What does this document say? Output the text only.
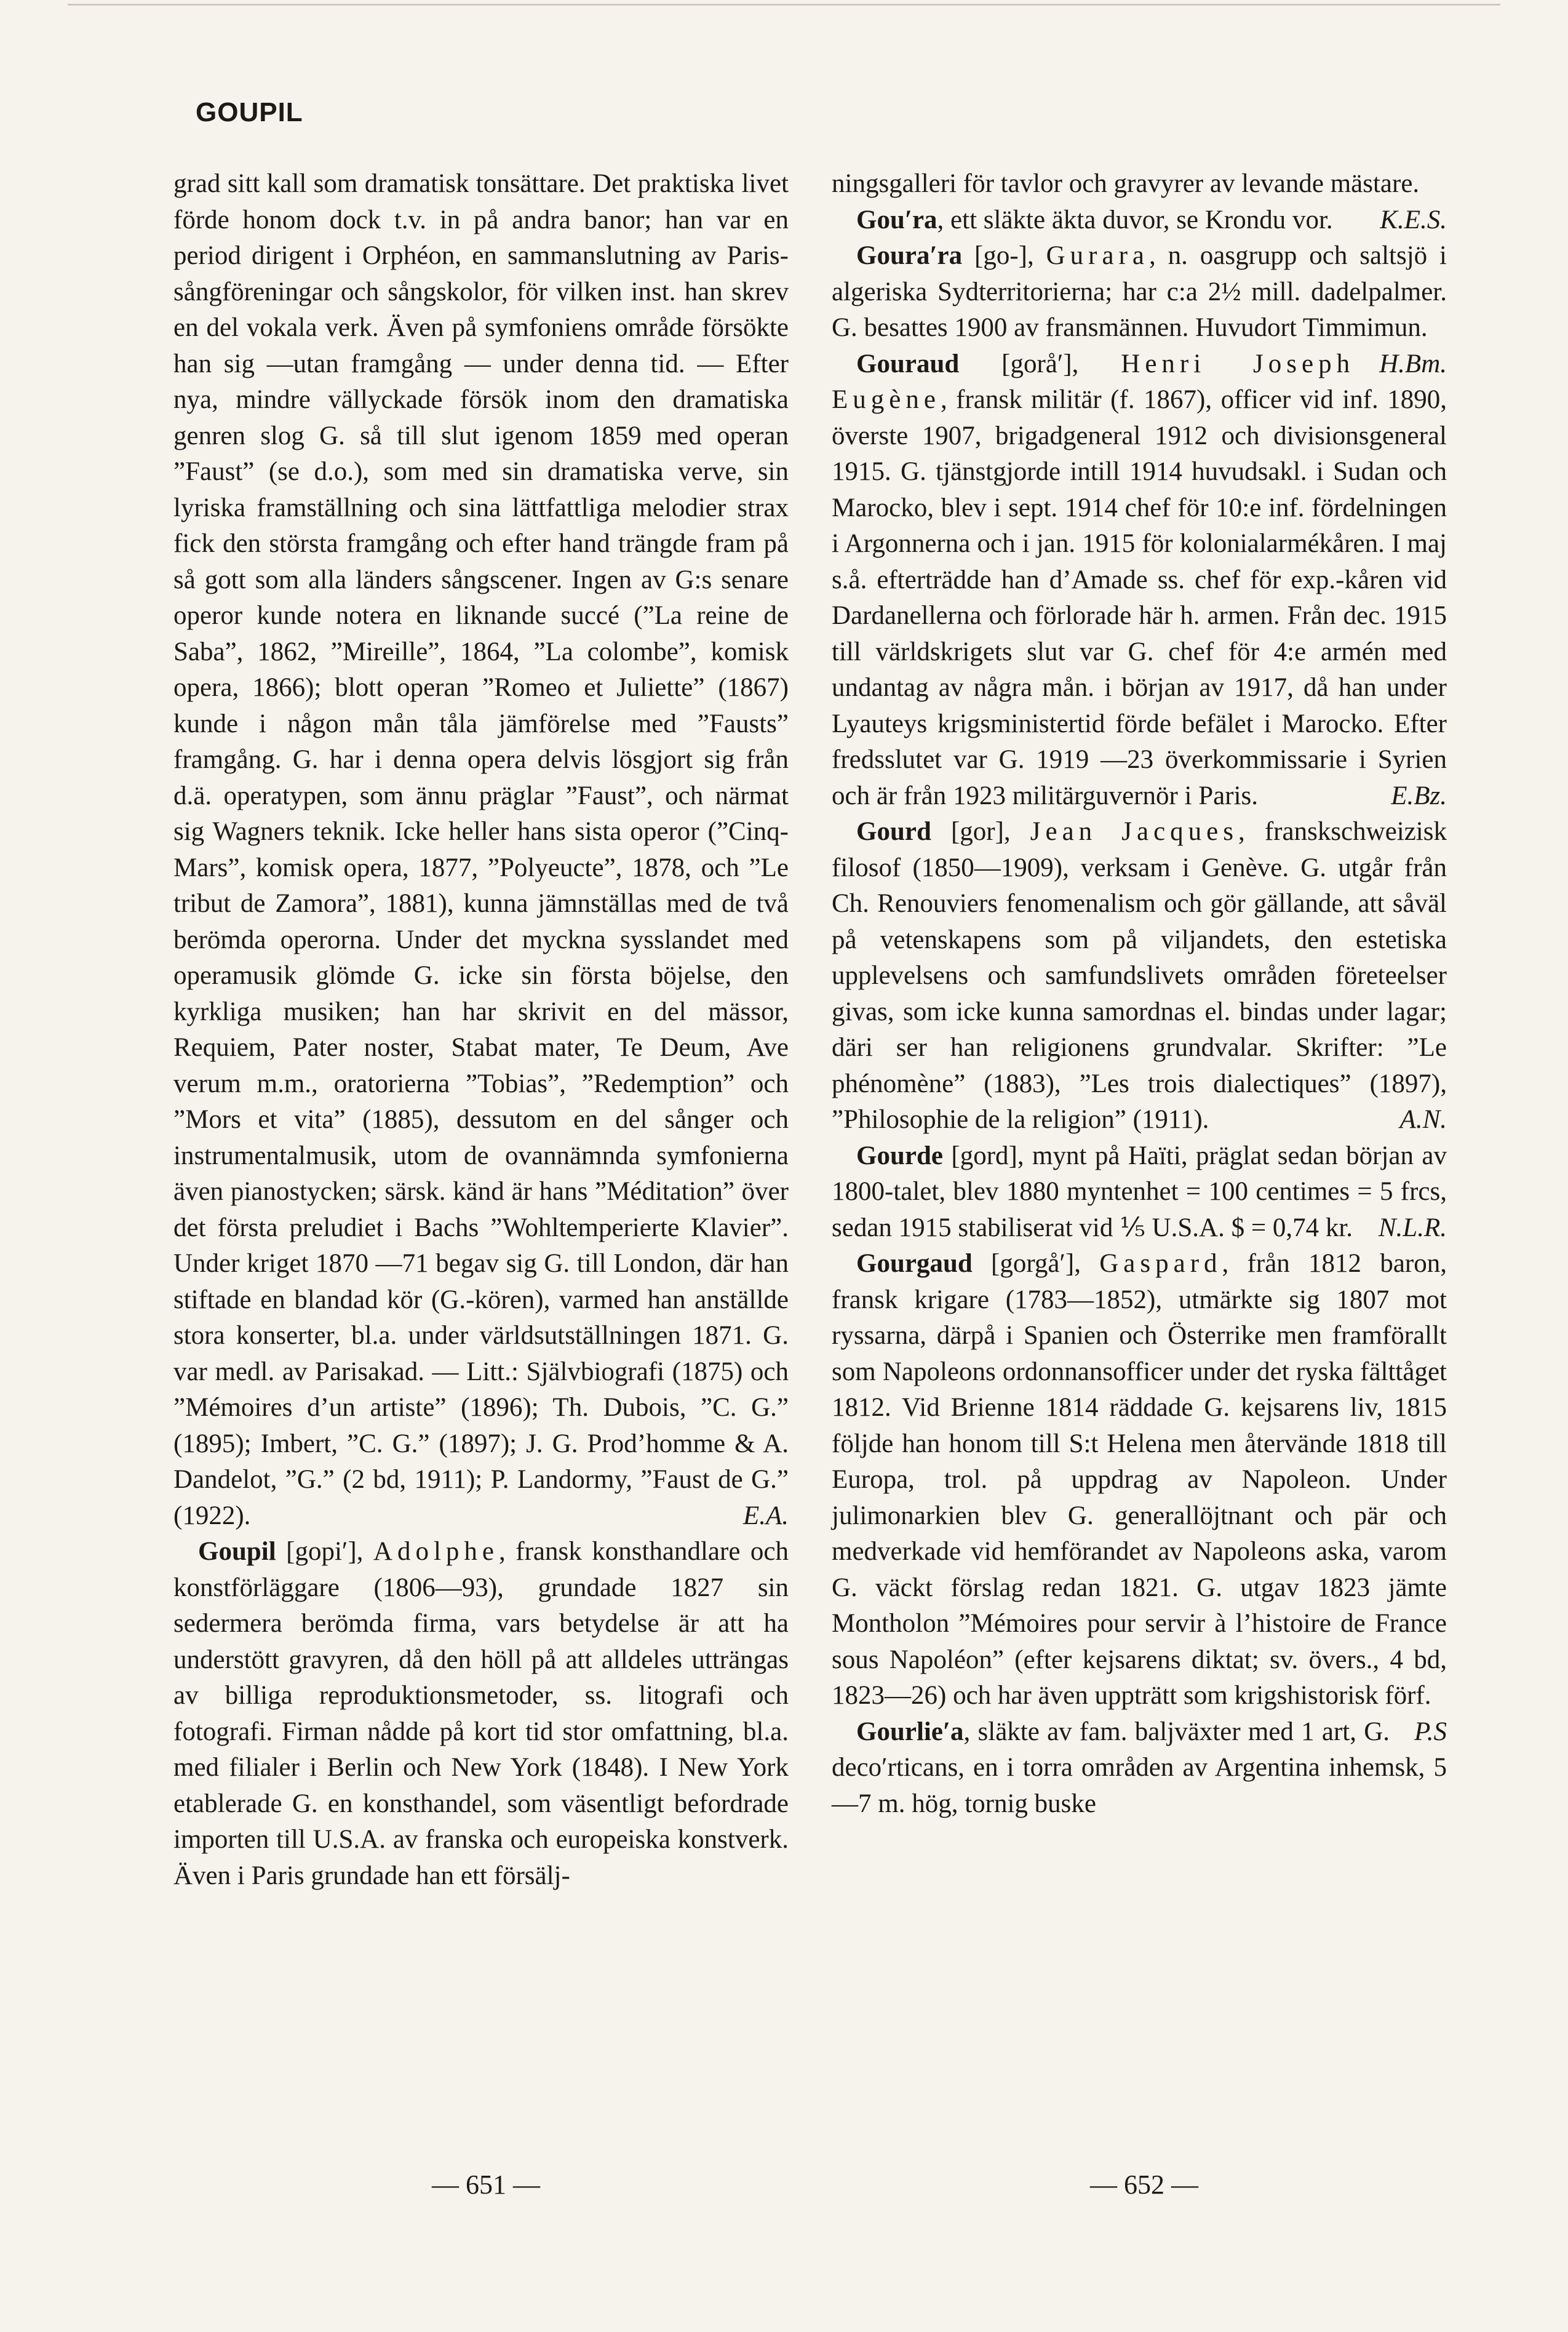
GOUPIL

grad sitt kall som dramatisk tonsättare. Det praktiska livet förde honom dock t.v. in på andra banor; han var en period dirigent i Orphéon, en sammanslutning av Paris-sångföreningar och sångskolor, för vilken inst. han skrev en del vokala verk. Även på symfoniens område försökte han sig —utan framgång — under denna tid. — Efter nya, mindre vällyckade försök inom den dramatiska genren slog G. så till slut igenom 1859 med operan ”Faust” (se d.o.), som med sin dramatiska verve, sin lyriska framställning och sina lättfattliga melodier strax fick den största framgång och efter hand trängde fram på så gott som alla länders sångscener. Ingen av G:s senare operor kunde notera en liknande succé (”La reine de Saba”, 1862, ”Mireille”, 1864, ”La colombe”, komisk opera, 1866); blott operan ”Romeo et Juliette” (1867) kunde i någon mån tåla jämförelse med ”Fausts” framgång. G. har i denna opera delvis lösgjort sig från d.ä. operatypen, som ännu präglar ”Faust”, och närmat sig Wagners teknik. Icke heller hans sista operor (”Cinq-Mars”, komisk opera, 1877, ”Polyeucte”, 1878, och ”Le tribut de Zamora”, 1881), kunna jämnställas med de två berömda operorna. Under det myckna sysslandet med operamusik glömde G. icke sin första böjelse, den kyrkliga musiken; han har skrivit en del mässor, Requiem, Pater noster, Stabat mater, Te Deum, Ave verum m.m., oratorierna ”Tobias”, ”Redemption” och ”Mors et vita” (1885), dessutom en del sånger och instrumentalmusik, utom de ovannämnda symfonierna även pianostycken; särsk. känd är hans ”Méditation” över det första preludiet i Bachs ”Wohltemperierte Klavier”. Under kriget 1870 —71 begav sig G. till London, där han stiftade en blandad kör (G.-kören), varmed han anställde stora konserter, bl.a. under världsutställningen 1871. G. var medl. av Parisakad. — Litt.: Självbiografi (1875) och ”Mémoires d’un artiste” (1896); Th. Dubois, ”C. G.” (1895); Imbert, ”C. G.” (1897); J. G. Prod’homme & A. Dandelot, ”G.” (2 bd, 1911); P. Landormy, ”Faust de G.” (1922).	E.A.

Goupil [gopi′], Adolphe, fransk konsthandlare och konstförläggare (1806—93), grundade 1827 sin sedermera berömda firma, vars betydelse är att ha understött gravyren, då den höll på att alldeles utträngas av billiga reproduktionsmetoder, ss. litografi och fotografi. Firman nådde på kort tid stor omfattning, bl.a. med filialer i Berlin och New York (1848). I New York etablerade G. en konsthandel, som väsentligt befordrade importen till U.S.A. av franska och europeiska konstverk. Även i Paris grundade han ett försälj-

ningsgalleri för tavlor och gravyrer av levande mästare.
K.E.S.

Gou′ra, ett släkte äkta duvor, se Krondu vor.

Goura′ra [go-], Gurara, n. oasgrupp och saltsjö i algeriska Sydterritorierna; har c:a 2½ mill. dadelpalmer. G. besattes 1900 av fransmännen. Huvudort Timmimun.
H.Bm.

Gouraud [gorå′], Henri Joseph Eugène, fransk militär (f. 1867), officer vid inf. 1890, överste 1907, brigadgeneral 1912 och divisionsgeneral 1915. G. tjänstgjorde intill 1914 huvudsakl. i Sudan och Marocko, blev i sept. 1914 chef för 10:e inf. fördelningen i Argonnerna och i jan. 1915 för kolonialarmékåren. I maj s.å. efterträdde han d’Amade ss. chef för exp.-kåren vid Dardanellerna och förlorade här h. armen. Från dec. 1915 till världskrigets slut var G. chef för 4:e armén med undantag av några mån. i början av 1917, då han under Lyauteys krigsministertid förde befälet i Marocko. Efter fredsslutet var G. 1919 —23 överkommissarie i Syrien och är från 1923 militärguvernör i Paris.	E.Bz.

Gourd [gor], Jean Jacques, franskschweizisk filosof (1850—1909), verksam i Genève. G. utgår från Ch. Renouviers fenomenalism och gör gällande, att såväl på vetenskapens som på viljandets, den estetiska upplevelsens och samfundslivets områden företeelser givas, som icke kunna samordnas el. bindas under lagar; däri ser han religionens grundvalar. Skrifter: ”Le phénomène” (1883), ”Les trois dialectiques” (1897), ”Philosophie de la religion” (1911).	A.N.

Gourde [gord], mynt på Haïti, präglat sedan början av 1800-talet, blev 1880 myntenhet = 100 centimes = 5 frcs, sedan 1915 stabiliserat vid ⅕ U.S.A. $ = 0,74 kr. N.L.R.

Gourgaud [gorgå′], Gaspard, från 1812 baron, fransk krigare (1783—1852), utmärkte sig 1807 mot ryssarna, därpå i Spanien och Österrike men framförallt som Napoleons ordonnansofficer under det ryska fälttåget 1812. Vid Brienne 1814 räddade G. kejsarens liv, 1815 följde han honom till S:t Helena men återvände 1818 till Europa, trol. på uppdrag av Napoleon. Under julimonarkien blev G. generallöjtnant och pär och medverkade vid hemförandet av Napoleons aska, varom G. väckt förslag redan 1821. G. utgav 1823 jämte Montholon ”Mémoires pour servir à l’histoire de France sous Napoléon” (efter kejsarens diktat; sv. övers., 4 bd, 1823—26) och har även uppträtt som krigshistorisk förf.
P.S

Gourlie′a, släkte av fam. baljväxter med 1 art, G. deco′rticans, en i torra områden av Argentina inhemsk, 5—7 m. hög, tornig buske

— 651 —	— 652 —
